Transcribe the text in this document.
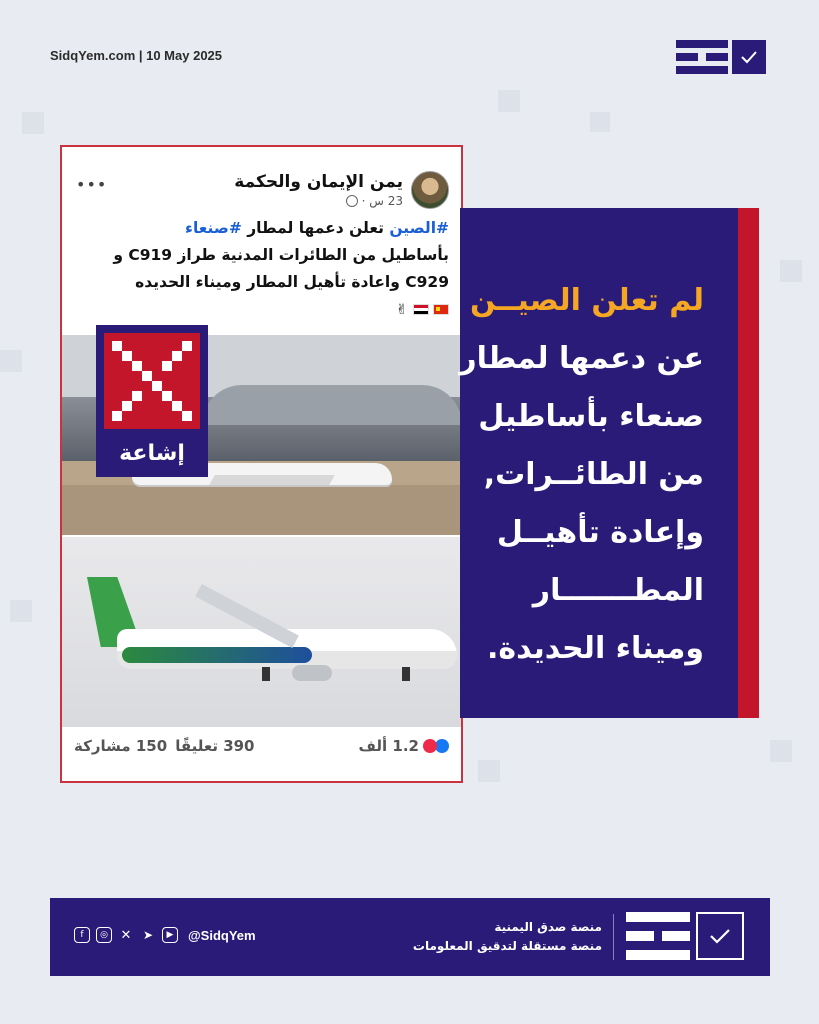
SidqYem.com | 10 May 2025
يمن الإيمان والحكمة
23 س ·
•••
#الصين تعلن دعمها لمطار #صنعاء
بأساطيل من الطائرات المدنية طراز C919 و
C929 واعادة تأهيل المطار وميناء الحديده
✌
إشاعة
1.2 ألف
390 تعليقًا
150 مشاركة
لم تعلن الصيــن
عن دعمها لمطار
صنعاء بأساطيل
من الطائــرات,
وإعادة تأهيــل
المطـــــــار
وميناء الحديدة.
منصة صدق اليمنية
منصة مستقلة لتدقيق المعلومات
f	◎ ✕ ➤	▶	@SidqYem
